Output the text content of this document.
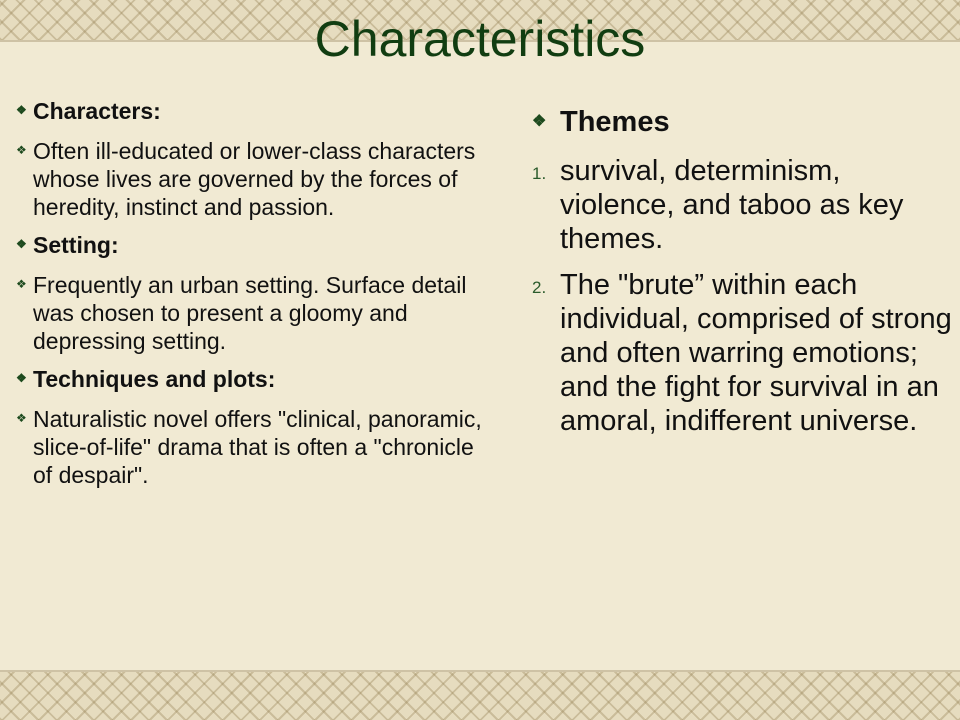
Characteristics
❖ Characters:
❖ Often ill-educated or lower-class characters whose lives are governed by the forces of heredity, instinct and passion.
❖ Setting:
❖ Frequently an urban setting. Surface detail was chosen to present a gloomy and depressing setting.
❖ Techniques and plots:
❖ Naturalistic novel offers "clinical, panoramic, slice-of-life" drama that is often a "chronicle of despair".
❖ Themes
1. survival, determinism, violence, and taboo as key themes.
2. The "brute” within each individual, comprised of strong and often warring emotions; and the fight for survival in an amoral, indifferent universe.
